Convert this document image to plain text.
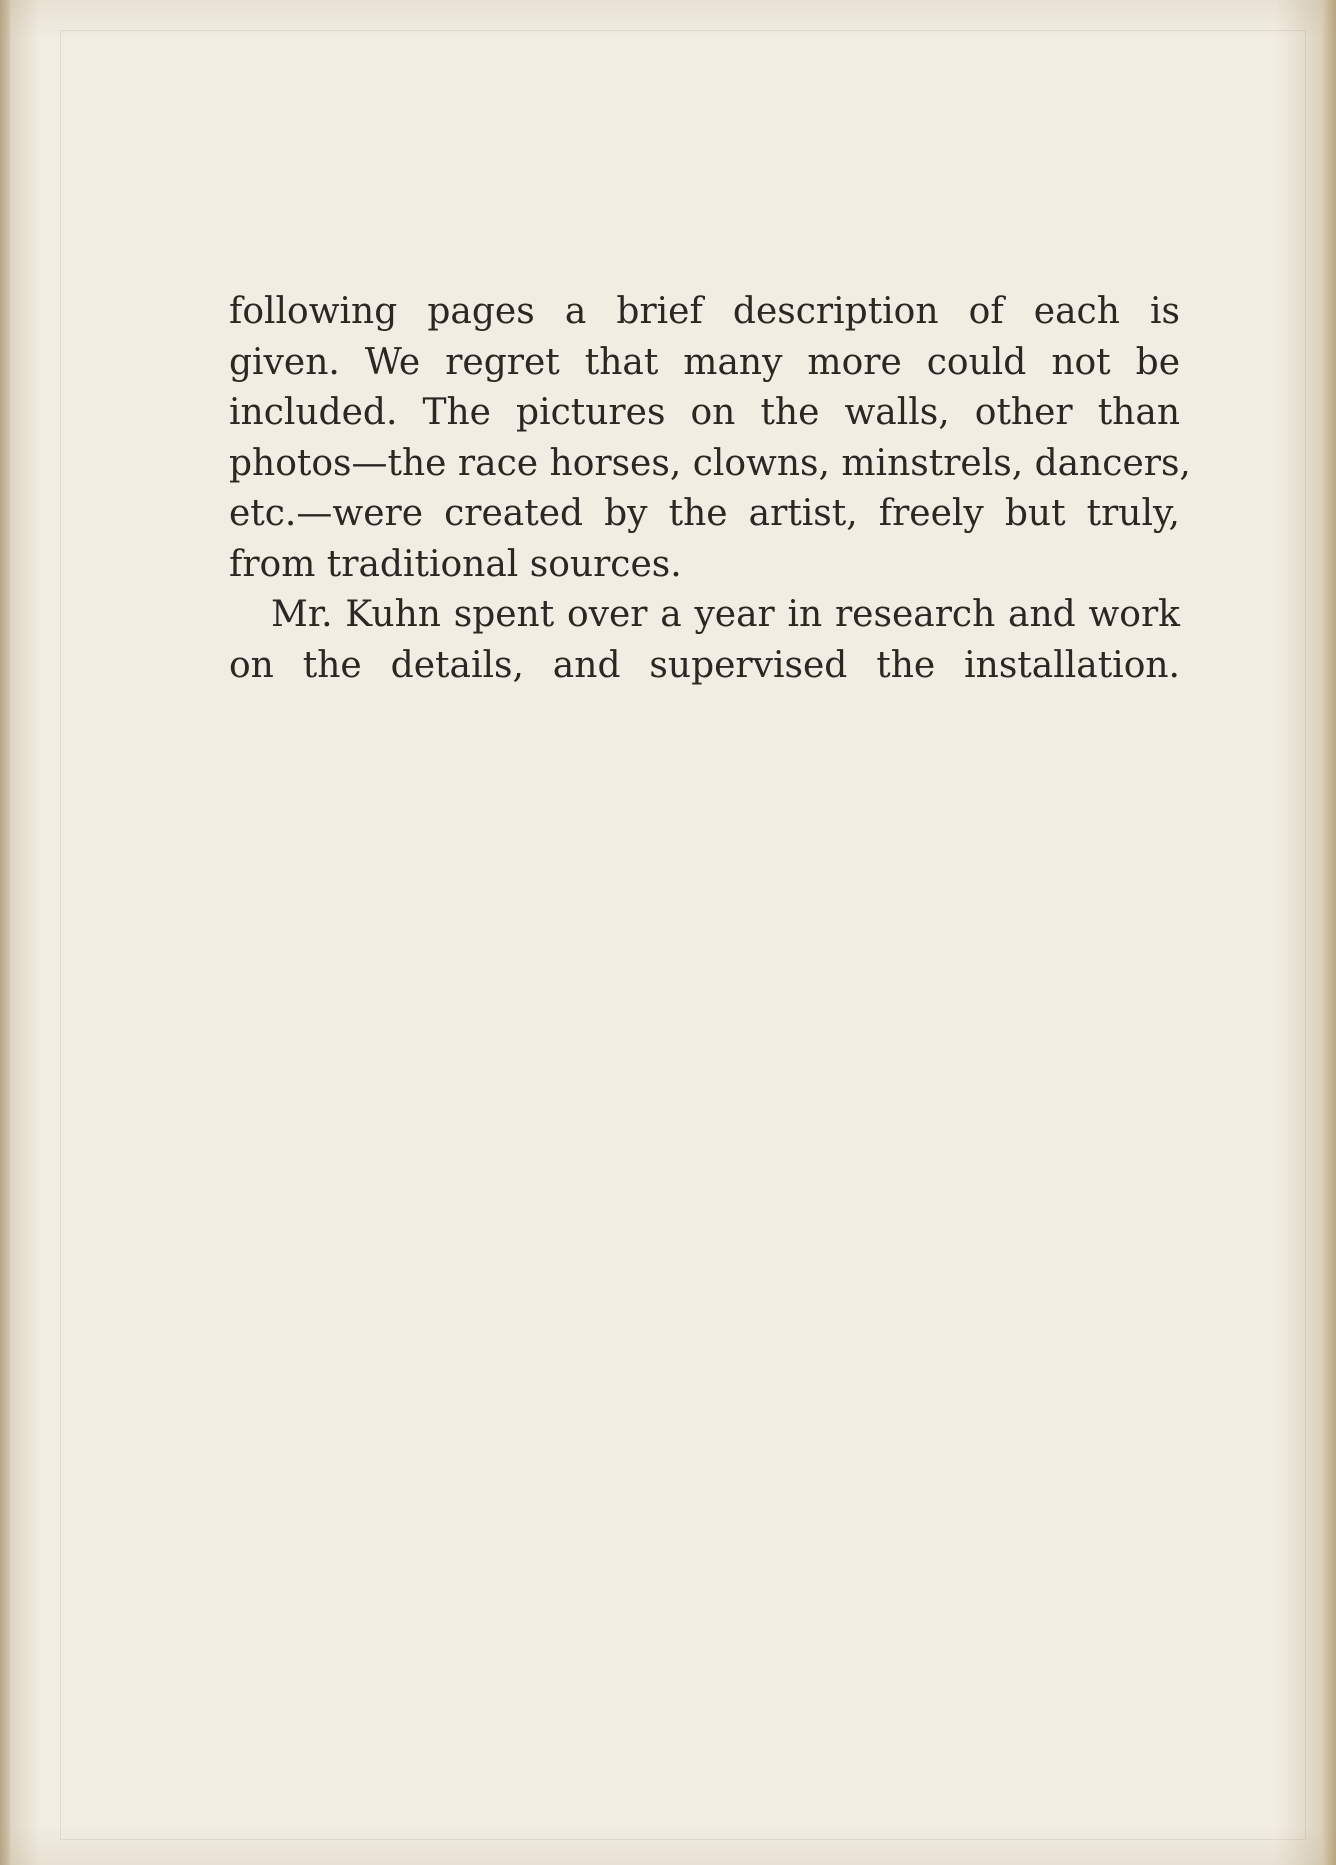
following pages a brief description of each is
given. We regret that many more could not be
included. The pictures on the walls, other than
photos—the race horses, clowns, minstrels, dancers,
etc.—were created by the artist, freely but truly,
from traditional sources.
Mr. Kuhn spent over a year in research and work
on the details, and supervised the installation.
